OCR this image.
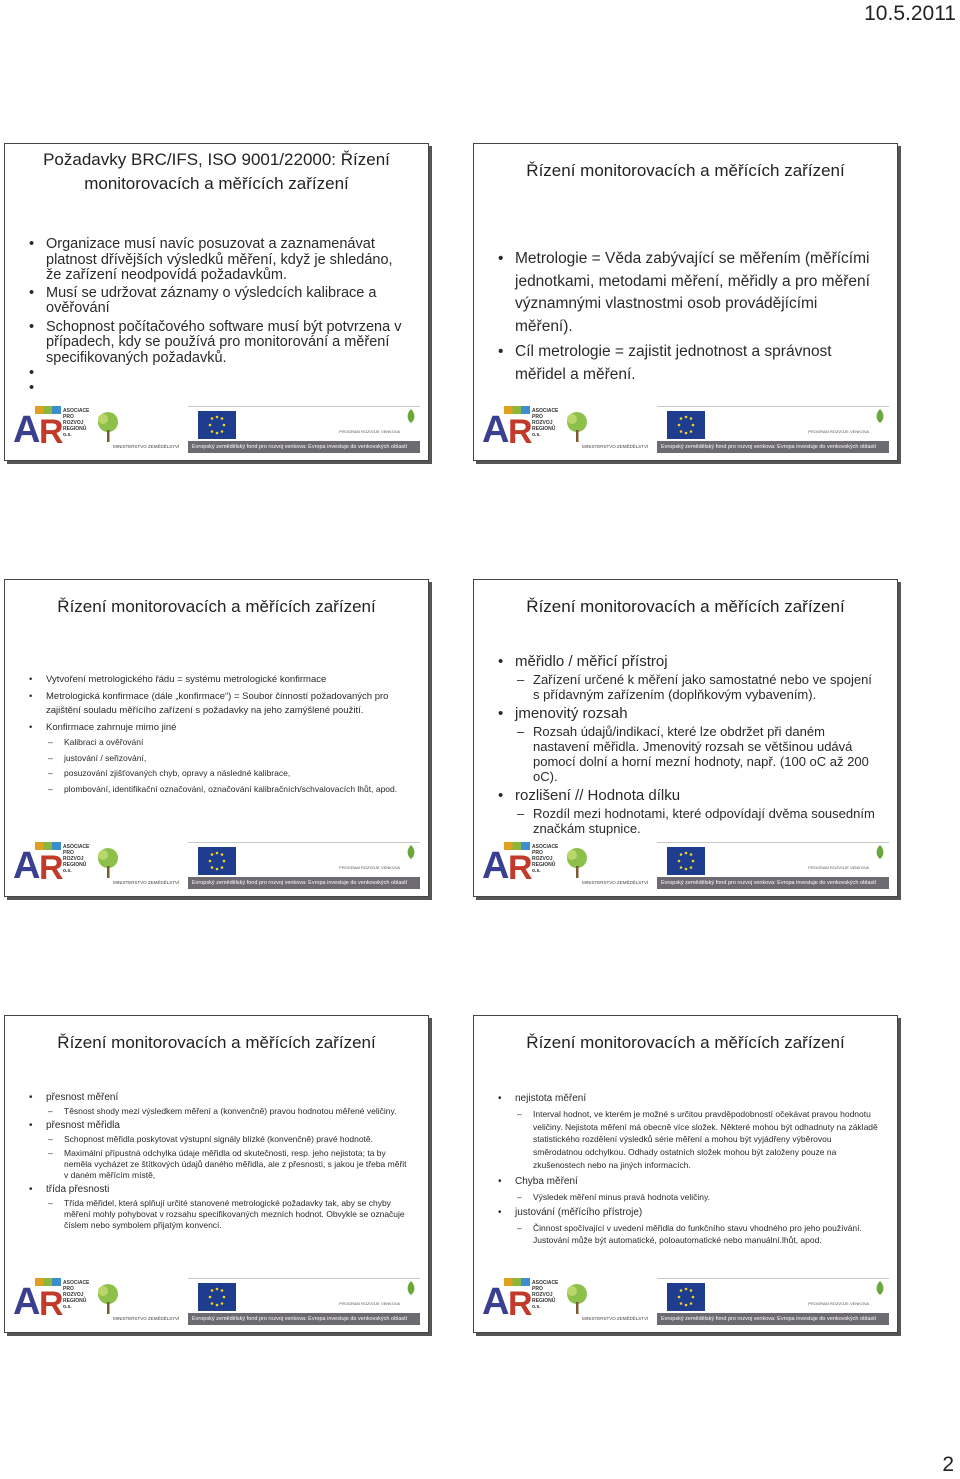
10.5.2011
Požadavky BRC/IFS, ISO 9001/22000: Řízení monitorovacích a měřících zařízení
• Organizace musí navíc posuzovat a zaznamenávat platnost dřívějších výsledků měření, když je shledáno, že zařízení neodpovídá požadavkům.
• Musí se udržovat záznamy o výsledcích kalibrace a ověřování
• Schopnost počítačového software musí být potvrzena v případech, kdy se používá pro monitorování a měření specifikovaných požadavků.
•
•
A
R
ASOCIACE PRO ROZVOJ REGIONŮ o.s.
MINISTERSTVO ZEMĚDĚLSTVÍ
PROGRAM ROZVOJE VENKOVA
Evropský zemědělský fond pro rozvoj venkova: Evropa investuje do venkovských oblastí
Řízení monitorovacích a měřících zařízení
• Metrologie = Věda zabývající se měřením (měřícími jednotkami, metodami měření, měřidly a pro měření významnými vlastnostmi osob provádějícími měření).
• Cíl metrologie = zajistit jednotnost a správnost měřidel a měření.
A
R
ASOCIACE PRO ROZVOJ REGIONŮ o.s.
MINISTERSTVO ZEMĚDĚLSTVÍ
PROGRAM ROZVOJE VENKOVA
Evropský zemědělský fond pro rozvoj venkova: Evropa investuje do venkovských oblastí
Řízení monitorovacích a měřících zařízení
• Vytvoření metrologického řádu = systému metrologické konfirmace
• Metrologická konfirmace (dále „konfirmace“) = Soubor činností požadovaných pro zajištění souladu měřícího zařízení s požadavky na jeho zamýšlené použití.
• Konfirmace zahrnuje mimo jiné
– Kalibraci a ověřování
– justování / seřizování,
– posuzování zjišťovaných chyb, opravy a následné kalibrace,
– plombování, identifikační označování, označování kalibračních/schvalovacích lhůt, apod.
A
R
ASOCIACE PRO ROZVOJ REGIONŮ o.s.
MINISTERSTVO ZEMĚDĚLSTVÍ
PROGRAM ROZVOJE VENKOVA
Evropský zemědělský fond pro rozvoj venkova: Evropa investuje do venkovských oblastí
Řízení monitorovacích a měřících zařízení
• měřidlo / měřicí přístroj
– Zařízení určené k měření jako samostatné nebo ve spojení s přídavným zařízením (doplňkovým vybavením).
• jmenovitý rozsah
– Rozsah údajů/indikací, které lze obdržet při daném nastavení měřidla. Jmenovitý rozsah se většinou udává pomocí dolní a horní mezní hodnoty, např. (100 oC až 200 oC).
• rozlišení // Hodnota dílku
– Rozdíl mezi hodnotami, které odpovídají dvěma sousedním značkám stupnice.
A
R
ASOCIACE PRO ROZVOJ REGIONŮ o.s.
MINISTERSTVO ZEMĚDĚLSTVÍ
PROGRAM ROZVOJE VENKOVA
Evropský zemědělský fond pro rozvoj venkova: Evropa investuje do venkovských oblastí
Řízení monitorovacích a měřících zařízení
• přesnost měření
– Těsnost shody mezi výsledkem měření a (konvenčně) pravou hodnotou měřené veličiny.
• přesnost měřidla
– Schopnost měřidla poskytovat výstupní signály blízké (konvenčně) pravé hodnotě.
– Maximální přípustná odchylka údaje měřidla od skutečnosti, resp. jeho nejistota; ta by neměla vycházet ze štítkových údajů daného měřidla, ale z přesnosti, s jakou je třeba měřit v daném měřícím místě,
• třída přesnosti
– Třída měřidel, která splňují určité stanovené metrologické požadavky tak, aby se chyby měření mohly pohybovat v rozsahu specifikovaných mezních hodnot. Obvykle se označuje číslem nebo symbolem přijatým konvencí.
A
R
ASOCIACE PRO ROZVOJ REGIONŮ o.s.
MINISTERSTVO ZEMĚDĚLSTVÍ
PROGRAM ROZVOJE VENKOVA
Evropský zemědělský fond pro rozvoj venkova: Evropa investuje do venkovských oblastí
Řízení monitorovacích a měřících zařízení
• nejistota měření
– Interval hodnot, ve kterém je možné s určitou pravděpodobností očekávat pravou hodnotu veličiny. Nejistota měření má obecně více složek. Některé mohou být odhadnuty na základě statistického rozdělení výsledků série měření a mohou být vyjádřeny výběrovou směrodatnou odchylkou. Odhady ostatních složek mohou být založeny pouze na zkušenostech nebo na jiných informacích.
• Chyba měření
– Výsledek měření minus pravá hodnota veličiny.
• justování (měřícího přístroje)
– Činnost spočívající v uvedení měřidla do funkčního stavu vhodného pro jeho používání. Justování může být automatické, poloautomatické nebo manuální.lhůt, apod.
A
R
ASOCIACE PRO ROZVOJ REGIONŮ o.s.
MINISTERSTVO ZEMĚDĚLSTVÍ
PROGRAM ROZVOJE VENKOVA
Evropský zemědělský fond pro rozvoj venkova: Evropa investuje do venkovských oblastí
2
